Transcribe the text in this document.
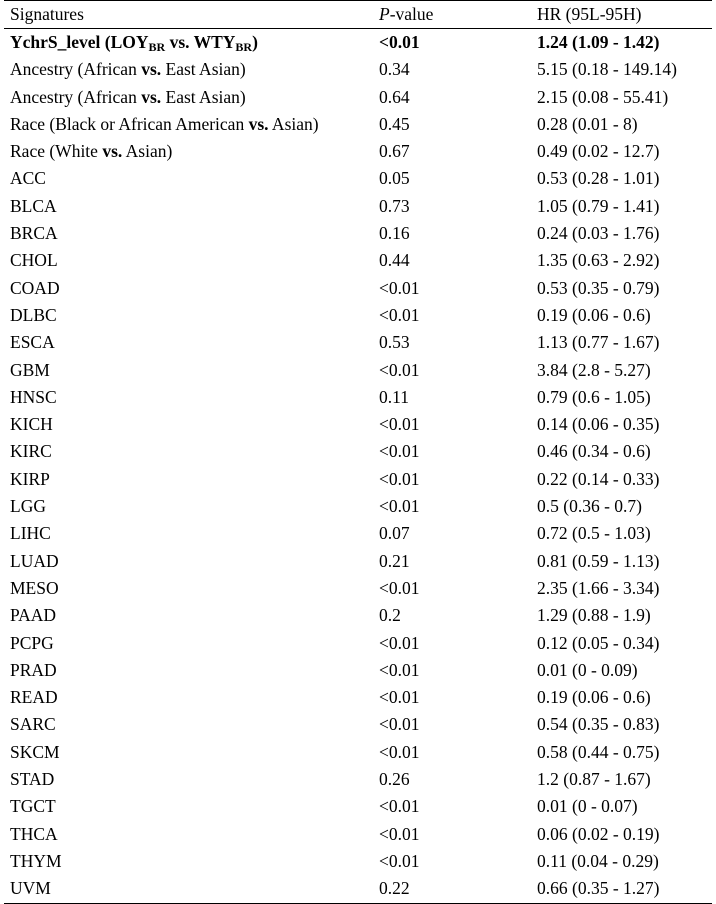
Signatures	P-value	HR (95L-95H)
YchrS_level ($LOY_{BR}$ vs. $WTY_{BR}$)	<0.01	1.24 (1.09 - 1.42)
Ancestry (African vs. East Asian)	0.34	5.15 (0.18 - 149.14)
Ancestry (African vs. East Asian)	0.64	2.15 (0.08 - 55.41)
Race (Black or African American vs. Asian)	0.45	0.28 (0.01 - 8)
Race (White vs. Asian)	0.67	0.49 (0.02 - 12.7)
ACC	0.05	0.53 (0.28 - 1.01)
BLCA	0.73	1.05 (0.79 - 1.41)
BRCA	0.16	0.24 (0.03 - 1.76)
CHOL	0.44	1.35 (0.63 - 2.92)
COAD	<0.01	0.53 (0.35 - 0.79)
DLBC	<0.01	0.19 (0.06 - 0.6)
ESCA	0.53	1.13 (0.77 - 1.67)
GBM	<0.01	3.84 (2.8 - 5.27)
HNSC	0.11	0.79 (0.6 - 1.05)
KICH	<0.01	0.14 (0.06 - 0.35)
KIRC	<0.01	0.46 (0.34 - 0.6)
KIRP	<0.01	0.22 (0.14 - 0.33)
LGG	<0.01	0.5 (0.36 - 0.7)
LIHC	0.07	0.72 (0.5 - 1.03)
LUAD	0.21	0.81 (0.59 - 1.13)
MESO	<0.01	2.35 (1.66 - 3.34)
PAAD	0.2	1.29 (0.88 - 1.9)
PCPG	<0.01	0.12 (0.05 - 0.34)
PRAD	<0.01	0.01 (0 - 0.09)
READ	<0.01	0.19 (0.06 - 0.6)
SARC	<0.01	0.54 (0.35 - 0.83)
SKCM	<0.01	0.58 (0.44 - 0.75)
STAD	0.26	1.2 (0.87 - 1.67)
TGCT	<0.01	0.01 (0 - 0.07)
THCA	<0.01	0.06 (0.02 - 0.19)
THYM	<0.01	0.11 (0.04 - 0.29)
UVM	0.22	0.66 (0.35 - 1.27)
